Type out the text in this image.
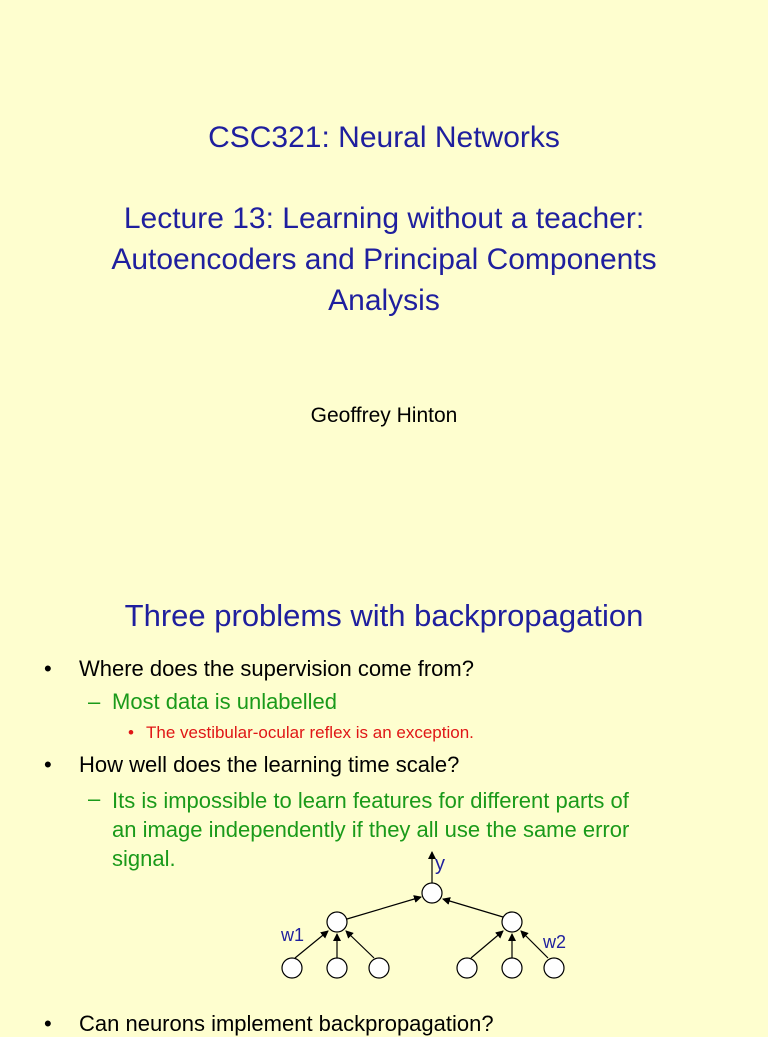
CSC321: Neural Networks
Lecture 13: Learning without a teacher:
Autoencoders and Principal Components
Analysis
Geoffrey Hinton
Three problems with backpropagation
• Where does the supervision come from?
– Most data is unlabelled
• The vestibular-ocular reflex is an exception.
• How well does the learning time scale?
– Its is impossible to learn features for different parts of
an image independently if they all use the same error
signal.	y
w1	w2
• Can neurons implement backpropagation?
